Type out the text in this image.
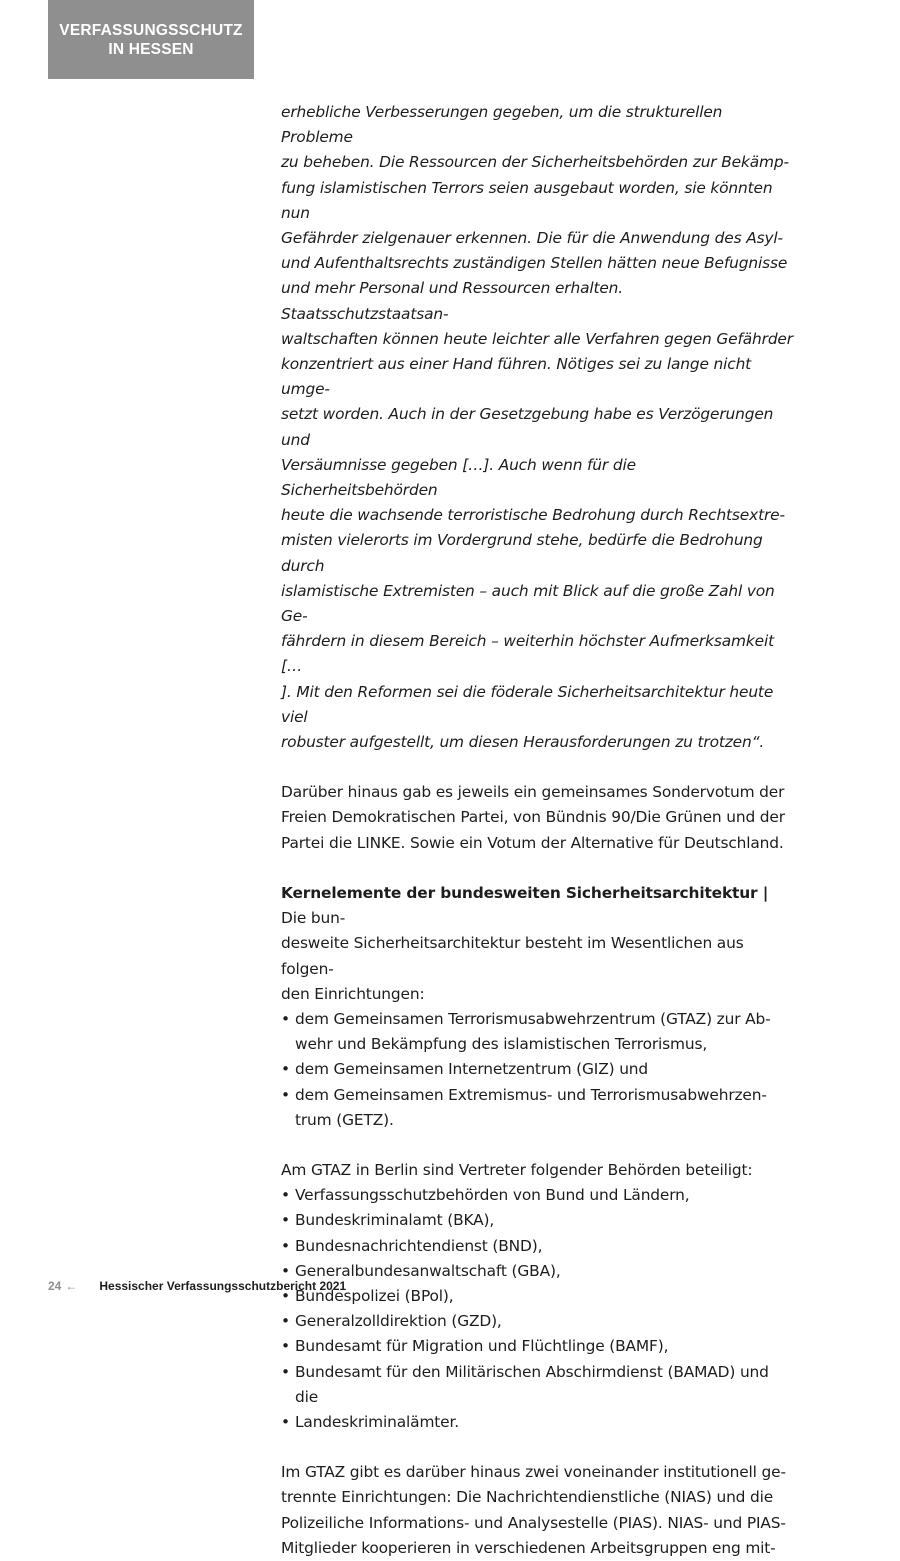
VERFASSUNGSSCHUTZ
IN HESSEN
erhebliche Verbesserungen gegeben, um die strukturellen Probleme
zu beheben. Die Ressourcen der Sicherheitsbehörden zur Bekämp-
fung islamistischen Terrors seien ausgebaut worden, sie könnten nun
Gefährder zielgenauer erkennen. Die für die Anwendung des Asyl-
und Aufenthaltsrechts zuständigen Stellen hätten neue Befugnisse
und mehr Personal und Ressourcen erhalten. Staatsschutzstaatsan-
waltschaften können heute leichter alle Verfahren gegen Gefährder
konzentriert aus einer Hand führen. Nötiges sei zu lange nicht umge-
setzt worden. Auch in der Gesetzgebung habe es Verzögerungen und
Versäumnisse gegeben […]. Auch wenn für die Sicherheitsbehörden
heute die wachsende terroristische Bedrohung durch Rechtsextre-
misten vielerorts im Vordergrund stehe, bedürfe die Bedrohung durch
islamistische Extremisten – auch mit Blick auf die große Zahl von Ge-
fährdern in diesem Bereich – weiterhin höchster Aufmerksamkeit […
]. Mit den Reformen sei die föderale Sicherheitsarchitektur heute viel
robuster aufgestellt, um diesen Herausforderungen zu trotzen“.
Darüber hinaus gab es jeweils ein gemeinsames Sondervotum der
Freien Demokratischen Partei, von Bündnis 90/Die Grünen und der
Partei die LINKE. Sowie ein Votum der Alternative für Deutschland.
Kernelemente der bundesweiten Sicherheitsarchitektur | Die bun-
desweite Sicherheitsarchitektur besteht im Wesentlichen aus folgen-
den Einrichtungen:
• dem Gemeinsamen Terrorismusabwehrzentrum (GTAZ) zur Ab-
wehr und Bekämpfung des islamistischen Terrorismus,
• dem Gemeinsamen Internetzentrum (GIZ) und
• dem Gemeinsamen Extremismus- und Terrorismusabwehrzen-
trum (GETZ).
Am GTAZ in Berlin sind Vertreter folgender Behörden beteiligt:
• Verfassungsschutzbehörden von Bund und Ländern,
• Bundeskriminalamt (BKA),
• Bundesnachrichtendienst (BND),
• Generalbundesanwaltschaft (GBA),
• Bundespolizei (BPol),
• Generalzolldirektion (GZD),
• Bundesamt für Migration und Flüchtlinge (BAMF),
• Bundesamt für den Militärischen Abschirmdienst (BAMAD) und
die
• Landeskriminalämter.
Im GTAZ gibt es darüber hinaus zwei voneinander institutionell ge-
trennte Einrichtungen: Die Nachrichtendienstliche (NIAS) und die
Polizeiliche Informations- und Analysestelle (PIAS). NIAS- und PIAS-
Mitglieder kooperieren in verschiedenen Arbeitsgruppen eng mit-
24 ← Hessischer Verfassungsschutzbericht 2021
